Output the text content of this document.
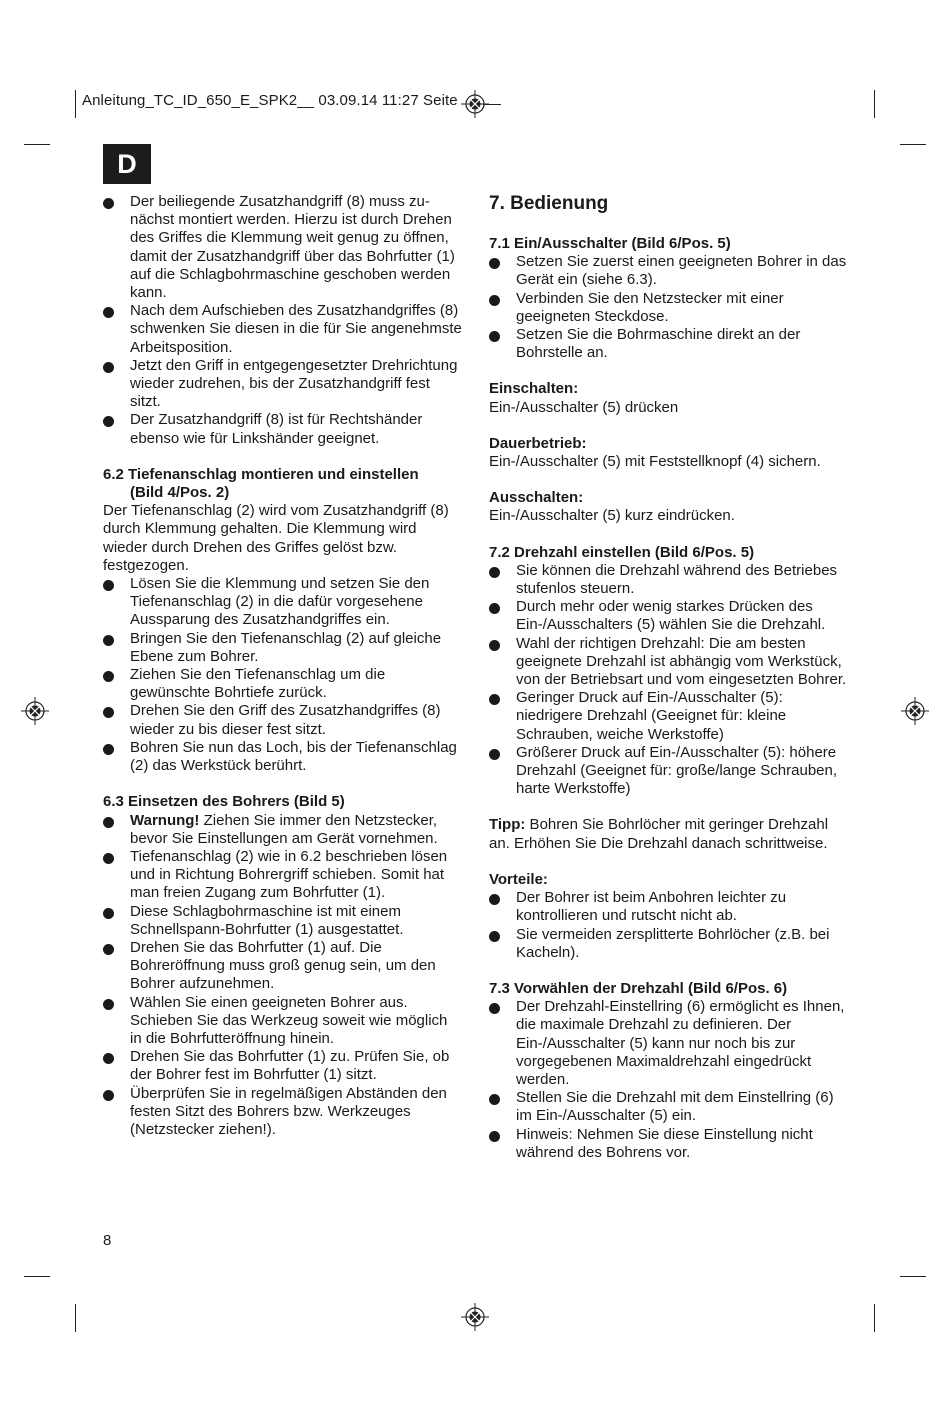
Anleitung_TC_ID_650_E_SPK2__ 03.09.14 11:27 Seite
D
Der beiliegende Zusatzhandgriff (8) muss zu-nächst montiert werden. Hierzu ist durch Drehen des Griffes die Klemmung weit genug zu öffnen, damit der Zusatzhandgriff über das Bohrfutter (1) auf die Schlagbohrmaschine geschoben werden kann.
Nach dem Aufschieben des Zusatzhandgriffes (8) schwenken Sie diesen in die für Sie angenehmste Arbeitsposition.
Jetzt den Griff in entgegengesetzter Drehrichtung wieder zudrehen, bis der Zusatzhandgriff fest sitzt.
Der Zusatzhandgriff (8) ist für Rechtshänder ebenso wie für Linkshänder geeignet.
6.2 Tiefenanschlag montieren und einstellen
(Bild 4/Pos. 2)

Der Tiefenanschlag (2) wird vom Zusatzhandgriff (8) durch Klemmung gehalten. Die Klemmung wird wieder durch Drehen des Griffes gelöst bzw. festgezogen.

Lösen Sie die Klemmung und setzen Sie den Tiefenanschlag (2) in die dafür vorgesehene Aussparung des Zusatzhandgriffes ein.
Bringen Sie den Tiefenanschlag (2) auf gleiche Ebene zum Bohrer.
Ziehen Sie den Tiefenanschlag um die gewünschte Bohrtiefe zurück.
Drehen Sie den Griff des Zusatzhandgriffes (8) wieder zu bis dieser fest sitzt.
Bohren Sie nun das Loch, bis der Tiefenanschlag (2) das Werkstück berührt.
6.3 Einsetzen des Bohrers (Bild 5)
Warnung! Ziehen Sie immer den Netzstecker, bevor Sie Einstellungen am Gerät vornehmen.
Tiefenanschlag (2) wie in 6.2 beschrieben lösen und in Richtung Bohrergriff schieben. Somit hat man freien Zugang zum Bohrfutter (1).
Diese Schlagbohrmaschine ist mit einem Schnellspann-Bohrfutter (1) ausgestattet.
Drehen Sie das Bohrfutter (1) auf. Die Bohreröffnung muss groß genug sein, um den Bohrer aufzunehmen.
Wählen Sie einen geeigneten Bohrer aus. Schieben Sie das Werkzeug soweit wie möglich in die Bohrfutteröffnung hinein.
Drehen Sie das Bohrfutter (1) zu. Prüfen Sie, ob der Bohrer fest im Bohrfutter (1) sitzt.
Überprüfen Sie in regelmäßigen Abständen den festen Sitzt des Bohrers bzw. Werkzeuges (Netzstecker ziehen!).
7. Bedienung
7.1 Ein/Ausschalter (Bild 6/Pos. 5)
Setzen Sie zuerst einen geeigneten Bohrer in das Gerät ein (siehe 6.3).
Verbinden Sie den Netzstecker mit einer geeigneten Steckdose.
Setzen Sie die Bohrmaschine direkt an der Bohrstelle an.
Einschalten:

Ein-/Ausschalter (5) drücken

Dauerbetrieb:

Ein-/Ausschalter (5) mit Feststellknopf (4) sichern.

Ausschalten:

Ein-/Ausschalter (5) kurz eindrücken.

7.2 Drehzahl einstellen (Bild 6/Pos. 5)
Sie können die Drehzahl während des Betriebes stufenlos steuern.
Durch mehr oder wenig starkes Drücken des Ein-/Ausschalters (5) wählen Sie die Drehzahl.
Wahl der richtigen Drehzahl: Die am besten geeignete Drehzahl ist abhängig vom Werkstück, von der Betriebsart und vom eingesetzten Bohrer.
Geringer Druck auf Ein-/Ausschalter (5): niedrigere Drehzahl (Geeignet für: kleine Schrauben, weiche Werkstoffe)
Größerer Druck auf Ein-/Ausschalter (5): höhere Drehzahl (Geeignet für: große/lange Schrauben, harte Werkstoffe)

Tipp: Bohren Sie Bohrlöcher mit geringer Drehzahl an. Erhöhen Sie Die Drehzahl danach schrittweise.

Vorteile:
Der Bohrer ist beim Anbohren leichter zu kontrollieren und rutscht nicht ab.
Sie vermeiden zersplitterte Bohrlöcher (z.B. bei Kacheln).
7.3 Vorwählen der Drehzahl (Bild 6/Pos. 6)
Der Drehzahl-Einstellring (6) ermöglicht es Ihnen, die maximale Drehzahl zu definieren. Der Ein-/Ausschalter (5) kann nur noch bis zur vorgegebenen Maximaldrehzahl eingedrückt werden.
Stellen Sie die Drehzahl mit dem Einstellring (6) im Ein-/Ausschalter (5) ein.
Hinweis: Nehmen Sie diese Einstellung nicht während des Bohrens vor.
8
